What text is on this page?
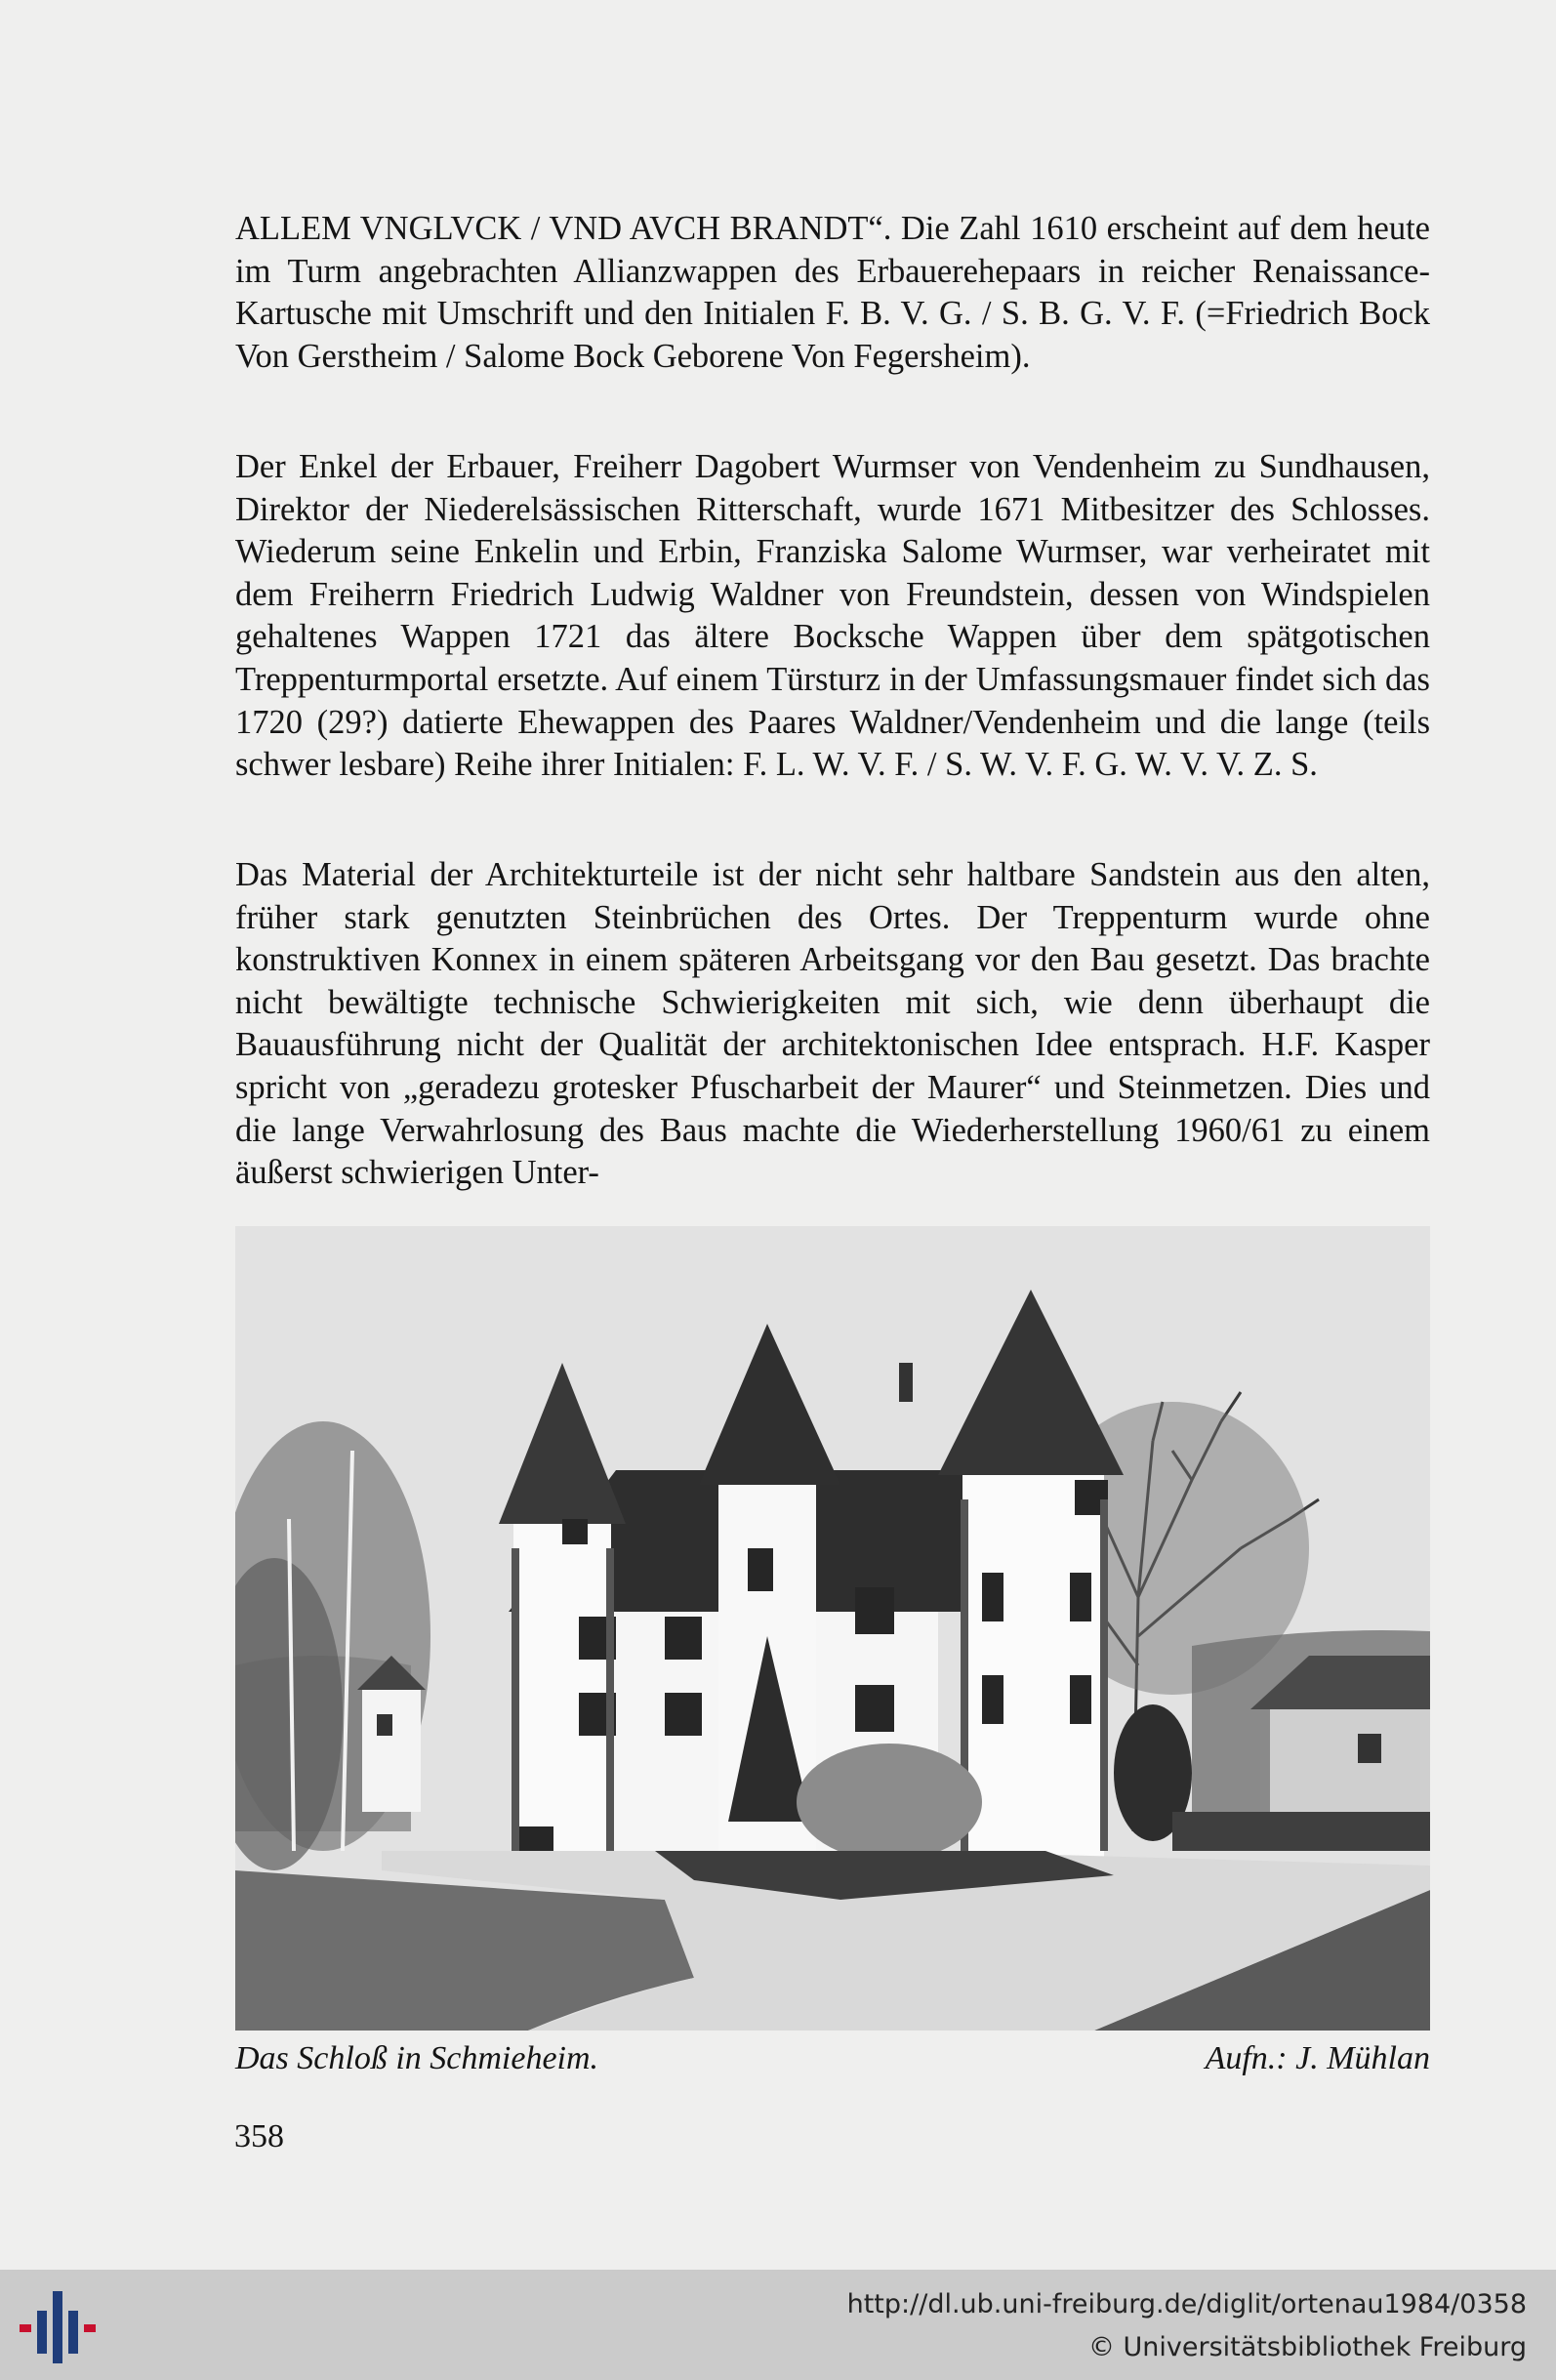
ALLEM VNGLVCK / VND AVCH BRANDT“. Die Zahl 1610 erscheint auf dem heute im Turm angebrachten Allianzwappen des Erbauerehepaars in reicher Renaissance-Kartusche mit Umschrift und den Initialen F. B. V. G. / S. B. G. V. F. (=Friedrich Bock Von Gerstheim / Salome Bock Geborene Von Fegersheim).
Der Enkel der Erbauer, Freiherr Dagobert Wurmser von Vendenheim zu Sundhausen, Direktor der Niederelsässischen Ritterschaft, wurde 1671 Mitbesitzer des Schlosses. Wiederum seine Enkelin und Erbin, Franziska Salome Wurmser, war verheiratet mit dem Freiherrn Friedrich Ludwig Waldner von Freundstein, dessen von Windspielen gehaltenes Wappen 1721 das ältere Bocksche Wappen über dem spätgotischen Treppenturmportal ersetzte. Auf einem Türsturz in der Umfassungsmauer findet sich das 1720 (29?) datierte Ehewappen des Paares Waldner/Vendenheim und die lange (teils schwer lesbare) Reihe ihrer Initialen: F. L. W. V. F. / S. W. V. F. G. W. V. V. Z. S.
Das Material der Architekturteile ist der nicht sehr haltbare Sandstein aus den alten, früher stark genutzten Steinbrüchen des Ortes. Der Treppenturm wurde ohne konstruktiven Konnex in einem späteren Arbeitsgang vor den Bau gesetzt. Das brachte nicht bewältigte technische Schwierigkeiten mit sich, wie denn überhaupt die Bauausführung nicht der Qualität der architektonischen Idee entsprach. H.F. Kasper spricht von „geradezu grotesker Pfuscharbeit der Maurer“ und Steinmetzen. Dies und die lange Verwahrlosung des Baus machte die Wiederherstellung 1960/61 zu einem äußerst schwierigen Unter-
Das Schloß in Schmieheim.	Aufn.: J. Mühlan
358
http://dl.ub.uni-freiburg.de/diglit/ortenau1984/0358
© Universitätsbibliothek Freiburg
